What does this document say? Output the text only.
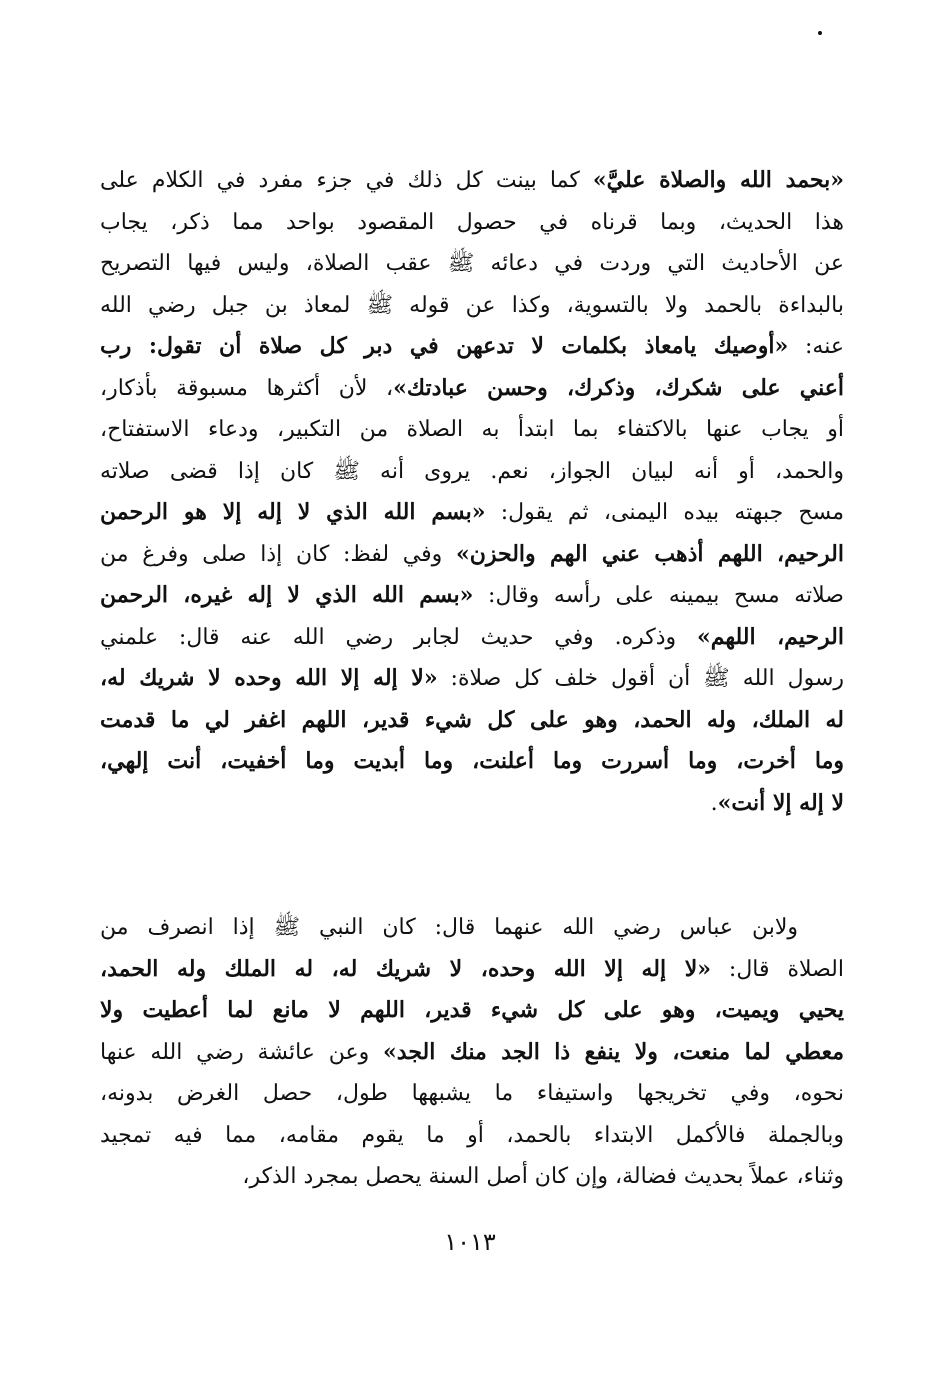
«بحمد الله والصلاة عليَّ» كما بينت كل ذلك في جزء مفرد في الكلام على
هذا الحديث، وبما قرناه في حصول المقصود بواحد مما ذكر، يجاب
عن الأحاديث التي وردت في دعائه ﷺ عقب الصلاة، وليس فيها التصريح
بالبداءة بالحمد ولا بالتسوية، وكذا عن قوله ﷺ لمعاذ بن جبل رضي الله
عنه: «أوصيك يامعاذ بكلمات لا تدعهن في دبر كل صلاة أن تقول: رب
أعني على شكرك، وذكرك، وحسن عبادتك»، لأن أكثرها مسبوقة بأذكار،
أو يجاب عنها بالاكتفاء بما ابتدأ به الصلاة من التكبير، ودعاء الاستفتاح،
والحمد، أو أنه لبيان الجواز، نعم. يروى أنه ﷺ كان إذا قضى صلاته
مسح جبهته بيده اليمنى، ثم يقول: «بسم الله الذي لا إله إلا هو الرحمن
الرحيم، اللهم أذهب عني الهم والحزن» وفي لفظ: كان إذا صلى وفرغ من
صلاته مسح بيمينه على رأسه وقال: «بسم الله الذي لا إله غيره، الرحمن
الرحيم، اللهم» وذكره. وفي حديث لجابر رضي الله عنه قال: علمني
رسول الله ﷺ أن أقول خلف كل صلاة: «لا إله إلا الله وحده لا شريك له،
له الملك، وله الحمد، وهو على كل شيء قدير، اللهم اغفر لي ما قدمت
وما أخرت، وما أسررت وما أعلنت، وما أبديت وما أخفيت، أنت إلهي،
لا إله إلا أنت».
ولابن عباس رضي الله عنهما قال: كان النبي ﷺ إذا انصرف من
الصلاة قال: «لا إله إلا الله وحده، لا شريك له، له الملك وله الحمد،
يحيي ويميت، وهو على كل شيء قدير، اللهم لا مانع لما أعطيت ولا
معطي لما منعت، ولا ينفع ذا الجد منك الجد» وعن عائشة رضي الله عنها
نحوه، وفي تخريجها واستيفاء ما يشبهها طول، حصل الغرض بدونه،
وبالجملة فالأكمل الابتداء بالحمد، أو ما يقوم مقامه، مما فيه تمجيد
وثناء، عملاً بحديث فضالة، وإن كان أصل السنة يحصل بمجرد الذكر،
١٠١٣
